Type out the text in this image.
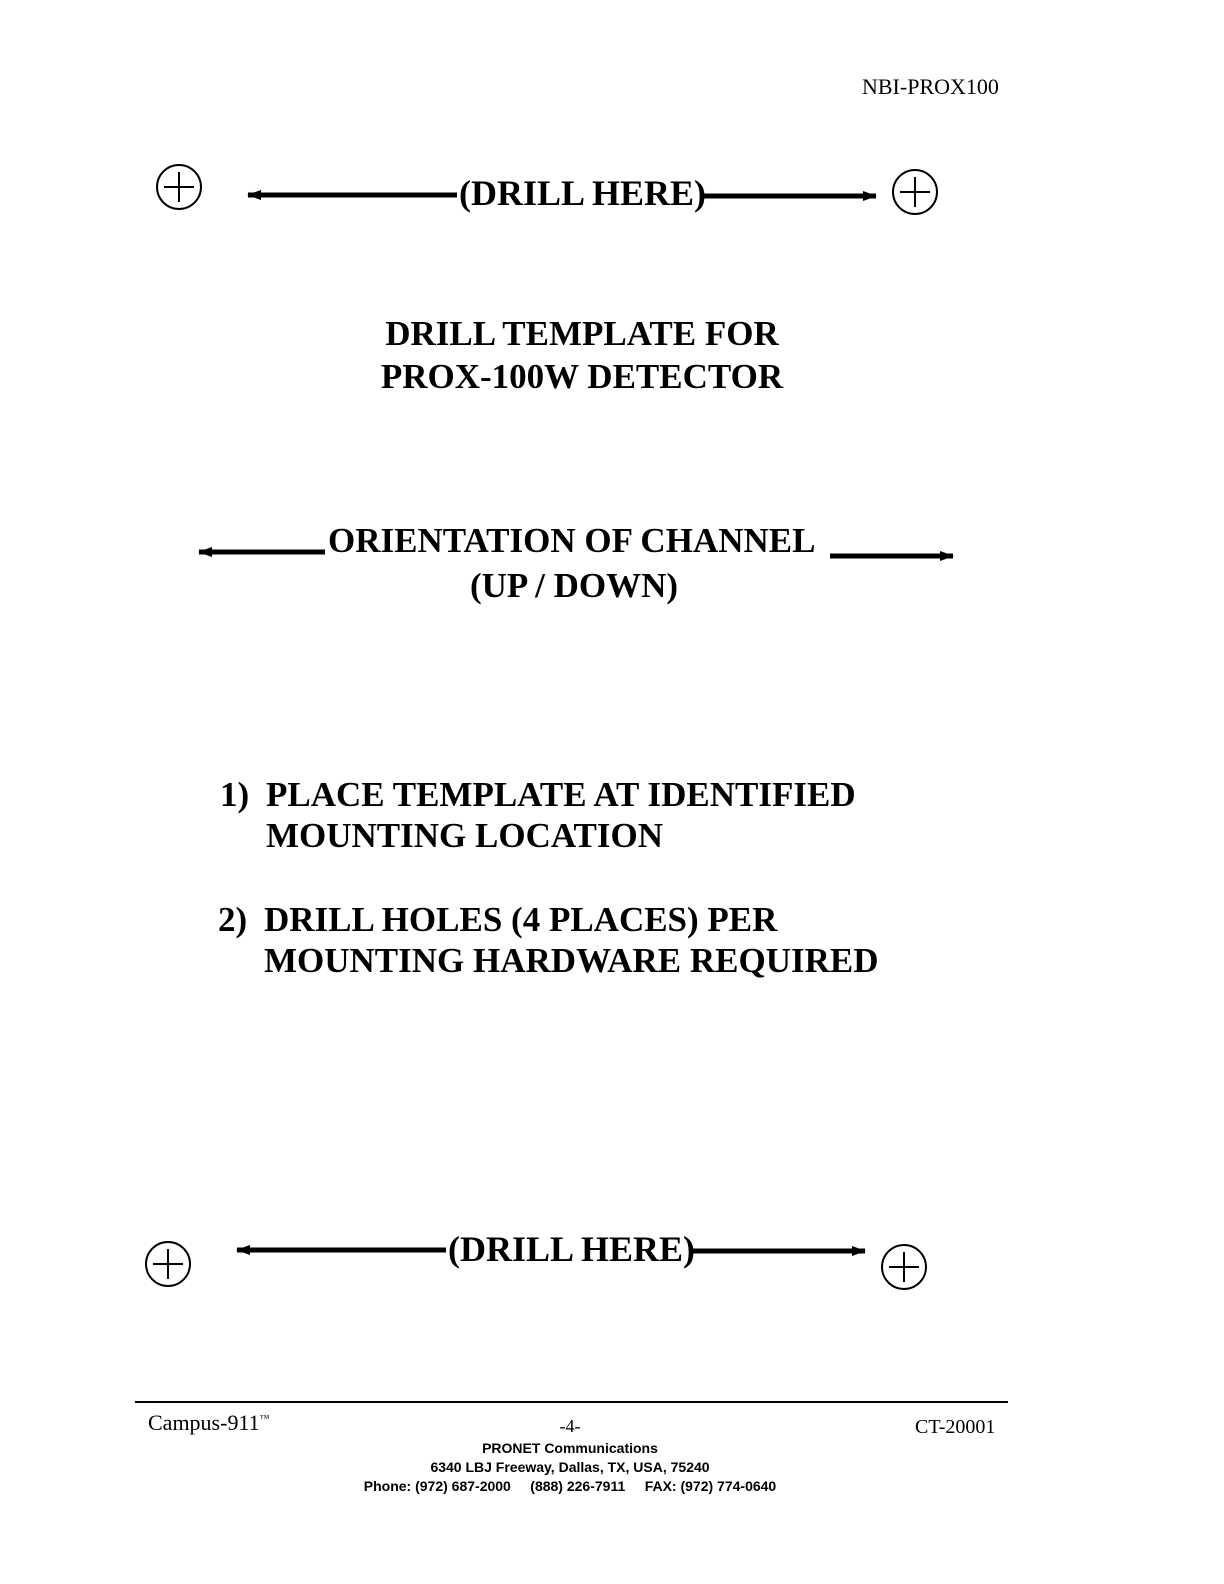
NBI-PROX100
(DRILL HERE)
DRILL TEMPLATE FOR
PROX-100W DETECTOR
ORIENTATION OF CHANNEL
(UP / DOWN)
1) PLACE TEMPLATE AT IDENTIFIED
MOUNTING LOCATION
2) DRILL HOLES (4 PLACES) PER
MOUNTING HARDWARE REQUIRED
(DRILL HERE)
Campus-911™	-4-	CT-20001
PRONET Communications
6340 LBJ Freeway, Dallas, TX, USA, 75240
Phone: (972) 687-2000     (888) 226-7911     FAX: (972) 774-0640
